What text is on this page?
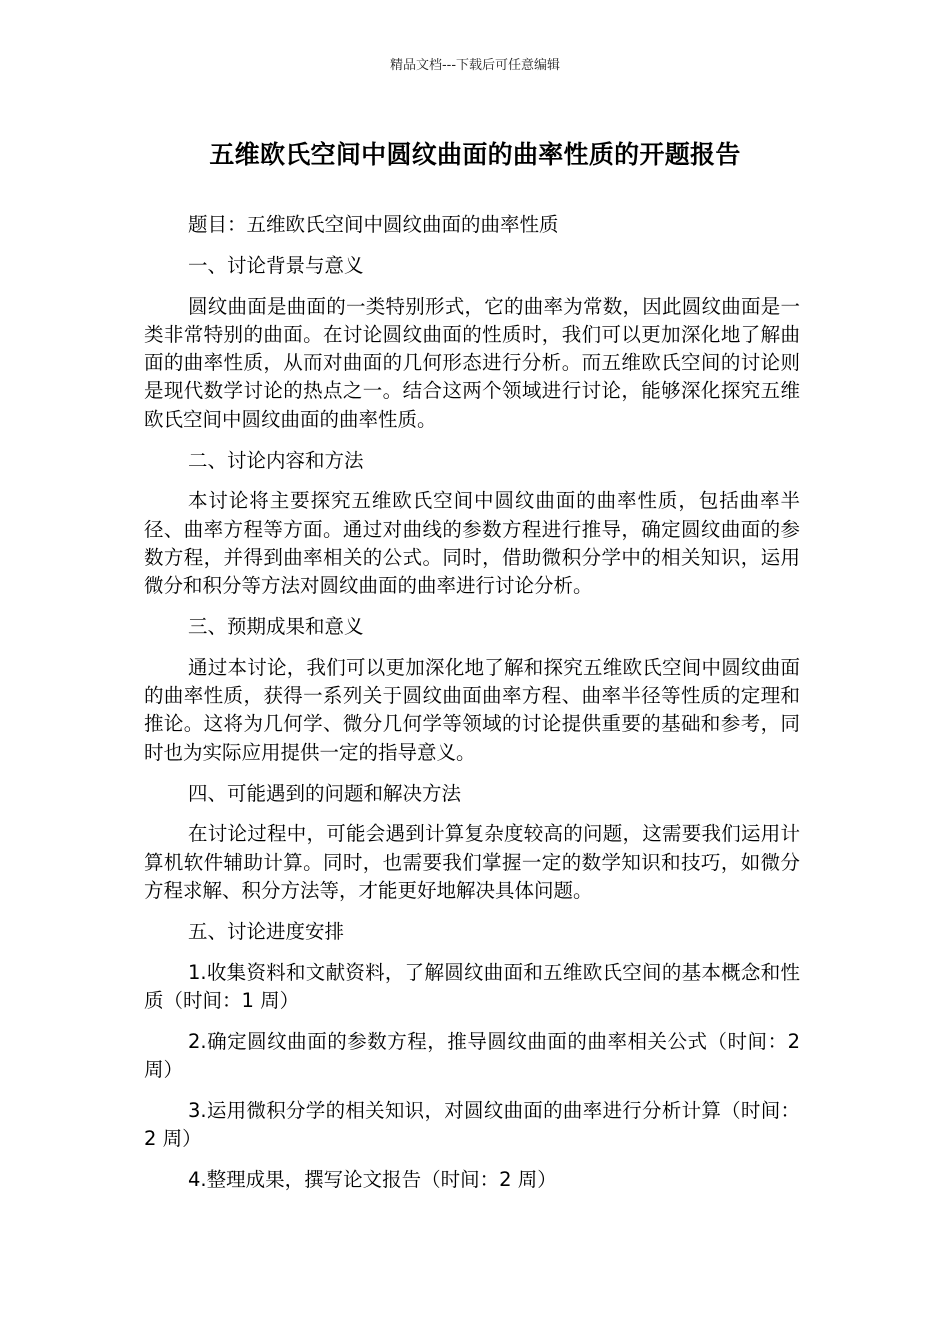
精品文档---下载后可任意编辑
五维欧氏空间中圆纹曲面的曲率性质的开题报告

题目：五维欧氏空间中圆纹曲面的曲率性质

一、讨论背景与意义

圆纹曲面是曲面的一类特别形式，它的曲率为常数，因此圆纹曲面是一类非常特别的曲面。在讨论圆纹曲面的性质时，我们可以更加深化地了解曲面的曲率性质，从而对曲面的几何形态进行分析。而五维欧氏空间的讨论则是现代数学讨论的热点之一。结合这两个领域进行讨论，能够深化探究五维欧氏空间中圆纹曲面的曲率性质。

二、讨论内容和方法

本讨论将主要探究五维欧氏空间中圆纹曲面的曲率性质，包括曲率半径、曲率方程等方面。通过对曲线的参数方程进行推导，确定圆纹曲面的参数方程，并得到曲率相关的公式。同时，借助微积分学中的相关知识，运用微分和积分等方法对圆纹曲面的曲率进行讨论分析。

三、预期成果和意义

通过本讨论，我们可以更加深化地了解和探究五维欧氏空间中圆纹曲面的曲率性质，获得一系列关于圆纹曲面曲率方程、曲率半径等性质的定理和推论。这将为几何学、微分几何学等领域的讨论提供重要的基础和参考，同时也为实际应用提供一定的指导意义。

四、可能遇到的问题和解决方法

在讨论过程中，可能会遇到计算复杂度较高的问题，这需要我们运用计算机软件辅助计算。同时，也需要我们掌握一定的数学知识和技巧，如微分方程求解、积分方法等，才能更好地解决具体问题。

五、讨论进度安排

1.收集资料和文献资料，了解圆纹曲面和五维欧氏空间的基本概念和性质（时间：1 周）

2.确定圆纹曲面的参数方程，推导圆纹曲面的曲率相关公式（时间：2 周）

3.运用微积分学的相关知识，对圆纹曲面的曲率进行分析计算（时间：2 周）

4.整理成果，撰写论文报告（时间：2 周）
